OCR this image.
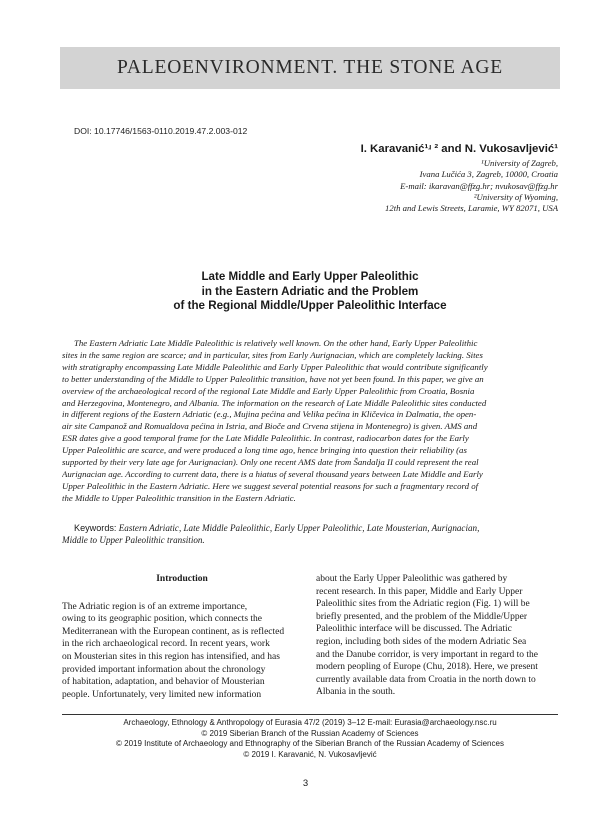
PALEOENVIRONMENT. THE STONE AGE
DOI: 10.17746/1563-0110.2019.47.2.003-012
I. Karavanić¹ʴ ² and N. Vukosavljević¹
¹University of Zagreb,
Ivana Lučića 3, Zagreb, 10000, Croatia
E-mail: ikaravan@ffzg.hr; nvukosav@ffzg.hr
²University of Wyoming,
12th and Lewis Streets, Laramie, WY 82071, USA
Late Middle and Early Upper Paleolithic
in the Eastern Adriatic and the Problem
of the Regional Middle/Upper Paleolithic Interface
The Eastern Adriatic Late Middle Paleolithic is relatively well known. On the other hand, Early Upper Paleolithic
sites in the same region are scarce; and in particular, sites from Early Aurignacian, which are completely lacking. Sites
with stratigraphy encompassing Late Middle Paleolithic and Early Upper Paleolithic that would contribute significantly
to better understanding of the Middle to Upper Paleolithic transition, have not yet been found. In this paper, we give an
overview of the archaeological record of the regional Late Middle and Early Upper Paleolithic from Croatia, Bosnia
and Herzegovina, Montenegro, and Albania. The information on the research of Late Middle Paleolithic sites conducted
in different regions of the Eastern Adriatic (e.g., Mujina pećina and Velika pećina in Kličevica in Dalmatia, the open-
air site Campanož and Romualdova pećina in Istria, and Bioče and Crvena stijena in Montenegro) is given. AMS and
ESR dates give a good temporal frame for the Late Middle Paleolithic. In contrast, radiocarbon dates for the Early
Upper Paleolithic are scarce, and were produced a long time ago, hence bringing into question their reliability (as
supported by their very late age for Aurignacian). Only one recent AMS date from Šandalja II could represent the real
Aurignacian age. According to current data, there is a hiatus of several thousand years between Late Middle and Early
Upper Paleolithic in the Eastern Adriatic. Here we suggest several potential reasons for such a fragmentary record of
the Middle to Upper Paleolithic transition in the Eastern Adriatic.
Keywords: Eastern Adriatic, Late Middle Paleolithic, Early Upper Paleolithic, Late Mousterian, Aurignacian,
Middle to Upper Paleolithic transition.
Introduction
The Adriatic region is of an extreme importance,
owing to its geographic position, which connects the
Mediterranean with the European continent, as is reflected
in the rich archaeological record. In recent years, work
on Mousterian sites in this region has intensified, and has
provided important information about the chronology
of habitation, adaptation, and behavior of Mousterian
people. Unfortunately, very limited new information
about the Early Upper Paleolithic was gathered by
recent research. In this paper, Middle and Early Upper
Paleolithic sites from the Adriatic region (Fig. 1) will be
briefly presented, and the problem of the Middle/Upper
Paleolithic interface will be discussed. The Adriatic
region, including both sides of the modern Adriatic Sea
and the Danube corridor, is very important in regard to the
modern peopling of Europe (Chu, 2018). Here, we present
currently available data from Croatia in the north down to
Albania in the south.
Archaeology, Ethnology & Anthropology of Eurasia 47/2 (2019) 3–12 E-mail: Eurasia@archaeology.nsc.ru
© 2019 Siberian Branch of the Russian Academy of Sciences
© 2019 Institute of Archaeology and Ethnography of the Siberian Branch of the Russian Academy of Sciences
© 2019 I. Karavanić, N. Vukosavljević
3
